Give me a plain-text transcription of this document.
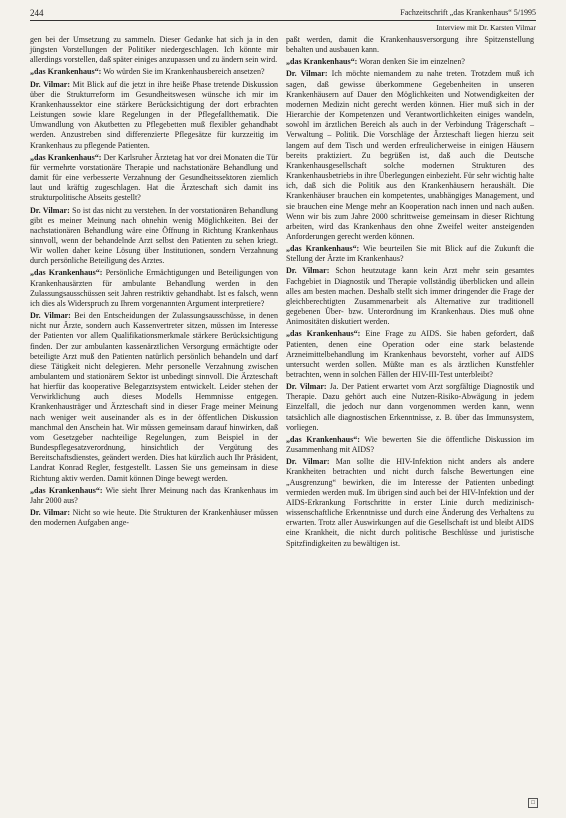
244	Fachzeitschrift „das Krankenhaus“ 5/1995
Interview mit Dr. Karsten Vilmar

gen bei der Umsetzung zu sammeln. Dieser Gedanke hat sich ja in den jüngsten Vorstellungen der Politiker niedergeschlagen. Ich könnte mir allerdings vorstellen, daß später einiges anzupassen und zu ändern sein wird.

„das Krankenhaus“: Wo würden Sie im Krankenhausbereich ansetzen?

Dr. Vilmar: Mit Blick auf die jetzt in ihre heiße Phase tretende Diskussion über die Strukturreform im Gesundheitswesen wünsche ich mir im Krankenhaussektor eine stärkere Berücksichtigung der dort erbrachten Leistungen sowie klare Regelungen in der Pflegefallthematik. Die Umwandlung von Akutbetten zu Pflegebetten muß flexibler gehandhabt werden. Anzustreben sind differenzierte Pflegesätze für kurzzeitig im Krankenhaus zu pflegende Patienten.

„das Krankenhaus“: Der Karlsruher Ärztetag hat vor drei Monaten die Tür für vermehrte vorstationäre Therapie und nachstationäre Behandlung und damit für eine verbesserte Verzahnung der Gesundheitssektoren ziemlich laut und kräftig zugeschlagen. Hat die Ärzteschaft sich damit ins strukturpolitische Abseits gestellt?

Dr. Vilmar: So ist das nicht zu verstehen. In der vorstationären Behandlung gibt es meiner Meinung nach ohnehin wenig Möglichkeiten. Bei der nachstationären Behandlung wäre eine Öffnung in Richtung Krankenhaus sinnvoll, wenn der behandelnde Arzt selbst den Patienten zu sehen kriegt. Wir wollen daher keine Lösung über Institutionen, sondern Verzahnung durch persönliche Beteiligung des Arztes.

„das Krankenhaus“: Persönliche Ermächtigungen und Beteiligungen von Krankenhausärzten für ambulante Behandlung werden in den Zulassungsausschüssen seit Jahren restriktiv gehandhabt. Ist es falsch, wenn ich dies als Widerspruch zu Ihrem vorgenannten Argument interpretiere?

Dr. Vilmar: Bei den Entscheidungen der Zulassungsausschüsse, in denen nicht nur Ärzte, sondern auch Kassenvertreter sitzen, müssen im Interesse der Patienten vor allem Qualifikationsmerkmale stärkere Berücksichtigung finden. Der zur ambulanten kassenärztlichen Versorgung ermächtigte oder beteiligte Arzt muß den Patienten natürlich persönlich behandeln und darf diese Tätigkeit nicht delegieren. Mehr personelle Verzahnung zwischen ambulantem und stationärem Sektor ist unbedingt sinnvoll. Die Ärzteschaft hat hierfür das kooperative Belegarztsystem entwickelt. Leider stehen der Verwirklichung auch dieses Modells Hemmnisse entgegen. Krankenhausträger und Ärzteschaft sind in dieser Frage meiner Meinung nach weniger weit auseinander als es in der öffentlichen Diskussion manchmal den Anschein hat. Wir müssen gemeinsam darauf hinwirken, daß vom Gesetzgeber nachteilige Regelungen, zum Beispiel in der Bundespflegesatzverordnung, hinsichtlich der Vergütung des Bereitschaftsdienstes, geändert werden. Dies hat kürzlich auch Ihr Präsident, Landrat Konrad Regler, festgestellt. Lassen Sie uns gemeinsam in diese Richtung aktiv werden. Damit können Dinge bewegt werden.

„das Krankenhaus“: Wie sieht Ihrer Meinung nach das Krankenhaus im Jahr 2000 aus?

Dr. Vilmar: Nicht so wie heute. Die Strukturen der Krankenhäuser müssen den modernen Aufgaben ange-

paßt werden, damit die Krankenhausversorgung ihre Spitzenstellung behalten und ausbauen kann.

„das Krankenhaus“: Woran denken Sie im einzelnen?

Dr. Vilmar: Ich möchte niemandem zu nahe treten. Trotzdem muß ich sagen, daß gewisse überkommene Gegebenheiten in unseren Krankenhäusern auf Dauer den Möglichkeiten und Notwendigkeiten der modernen Medizin nicht gerecht werden können. Hier muß sich in der Hierarchie der Kompetenzen und Verantwortlichkeiten einiges wandeln, sowohl im ärztlichen Bereich als auch in der Verbindung Trägerschaft – Verwaltung – Politik. Die Vorschläge der Ärzteschaft liegen hierzu seit langem auf dem Tisch und werden erfreulicherweise in einigen Häusern bereits praktiziert. Zu begrüßen ist, daß auch die Deutsche Krankenhausgesellschaft solche modernen Strukturen des Krankenhausbetriebs in ihre Überlegungen einbezieht. Für sehr wichtig halte ich, daß sich die Politik aus den Krankenhäusern heraushält. Die Krankenhäuser brauchen ein kompetentes, unabhängiges Management, und sie brauchen eine Menge mehr an Kooperation nach innen und nach außen. Wenn wir bis zum Jahre 2000 schrittweise gemeinsam in dieser Richtung arbeiten, wird das Krankenhaus den ohne Zweifel weiter ansteigenden Anforderungen gerecht werden können.

„das Krankenhaus“: Wie beurteilen Sie mit Blick auf die Zukunft die Stellung der Ärzte im Krankenhaus?

Dr. Vilmar: Schon heutzutage kann kein Arzt mehr sein gesamtes Fachgebiet in Diagnostik und Therapie vollständig überblicken und allein alles am besten machen. Deshalb stellt sich immer dringender die Frage der gleichberechtigten Zusammenarbeit als Alternative zur traditionell gegebenen Über- bzw. Unterordnung im Krankenhaus. Dies muß ohne Animositäten diskutiert werden.

„das Krankenhaus“: Eine Frage zu AIDS. Sie haben gefordert, daß Patienten, denen eine Operation oder eine stark belastende Arzneimittelbehandlung im Krankenhaus bevorsteht, vorher auf AIDS untersucht werden sollen. Müßte man es als ärztlichen Kunstfehler betrachten, wenn in solchen Fällen der HIV-III-Test unterbleibt?

Dr. Vilmar: Ja. Der Patient erwartet vom Arzt sorgfältige Diagnostik und Therapie. Dazu gehört auch eine Nutzen-Risiko-Abwägung in jedem Einzelfall, die jedoch nur dann vorgenommen werden kann, wenn tatsächlich alle diagnostischen Erkenntnisse, z. B. über das Immunsystem, vorliegen.

„das Krankenhaus“: Wie bewerten Sie die öffentliche Diskussion im Zusammenhang mit AIDS?

Dr. Vilmar: Man sollte die HIV-Infektion nicht anders als andere Krankheiten betrachten und nicht durch falsche Bewertungen eine „Ausgrenzung“ bewirken, die im Interesse der Patienten unbedingt vermieden werden muß. Im übrigen sind auch bei der HIV-Infektion und der AIDS-Erkrankung Fortschritte in erster Linie durch medizinisch-wissenschaftliche Erkenntnisse und durch eine Änderung des Verhaltens zu erwarten. Trotz aller Auswirkungen auf die Gesellschaft ist und bleibt AIDS eine Krankheit, die nicht durch politische Beschlüsse und juristische Spitzfindigkeiten zu bewältigen ist.

□
